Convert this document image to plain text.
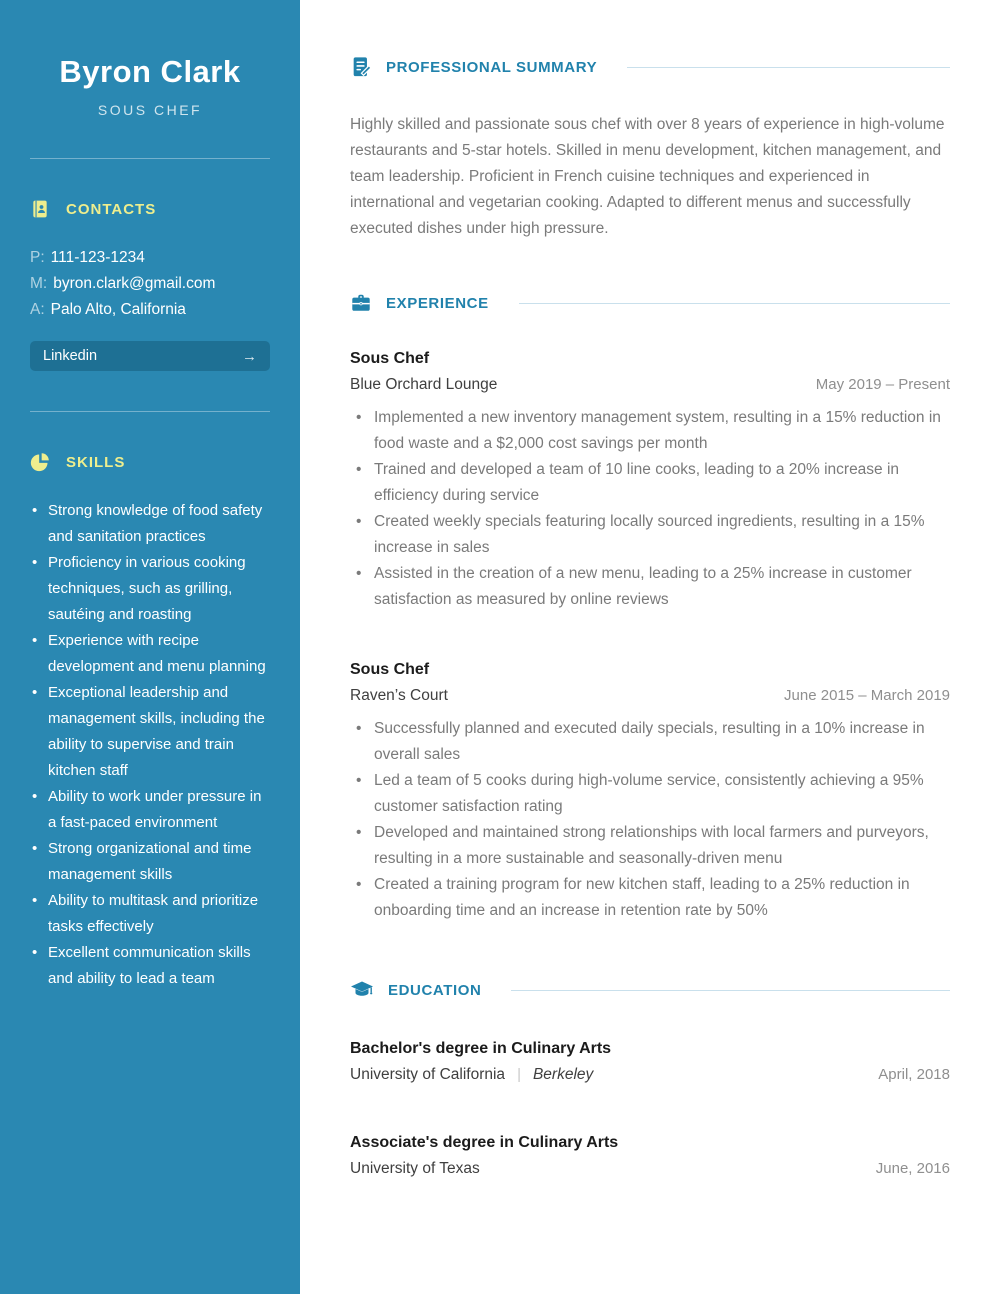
Byron Clark
SOUS CHEF
CONTACTS
P: 111-123-1234
M: byron.clark@gmail.com
A: Palo Alto, California
Linkedin	→
SKILLS
• Strong knowledge of food safety and sanitation practices
• Proficiency in various cooking techniques, such as grilling, sautéing and roasting
• Experience with recipe development and menu planning
• Exceptional leadership and management skills, including the ability to supervise and train kitchen staff
• Ability to work under pressure in a fast-paced environment
• Strong organizational and time management skills
• Ability to multitask and prioritize tasks effectively
• Excellent communication skills and ability to lead a team
PROFESSIONAL SUMMARY

Highly skilled and passionate sous chef with over 8 years of experience in high-volume restaurants and 5-star hotels. Skilled in menu development, kitchen management, and team leadership. Proficient in French cuisine techniques and experienced in international and vegetarian cooking. Adapted to different menus and successfully executed dishes under high pressure.

EXPERIENCE
Sous Chef
Blue Orchard Lounge	May 2019 – Present
• Implemented a new inventory management system, resulting in a 15% reduction in food waste and a $2,000 cost savings per month
• Trained and developed a team of 10 line cooks, leading to a 20% increase in efficiency during service
• Created weekly specials featuring locally sourced ingredients, resulting in a 15% increase in sales
• Assisted in the creation of a new menu, leading to a 25% increase in customer satisfaction as measured by online reviews
Sous Chef
Raven’s Court	June 2015 – March 2019
• Successfully planned and executed daily specials, resulting in a 10% increase in overall sales
• Led a team of 5 cooks during high-volume service, consistently achieving a 95% customer satisfaction rating
• Developed and maintained strong relationships with local farmers and purveyors, resulting in a more sustainable and seasonally-driven menu
• Created a training program for new kitchen staff, leading to a 25% reduction in onboarding time and an increase in retention rate by 50%
EDUCATION
Bachelor's degree in Culinary Arts
University of California | Berkeley	April, 2018
Associate's degree in Culinary Arts
University of Texas	June, 2016
